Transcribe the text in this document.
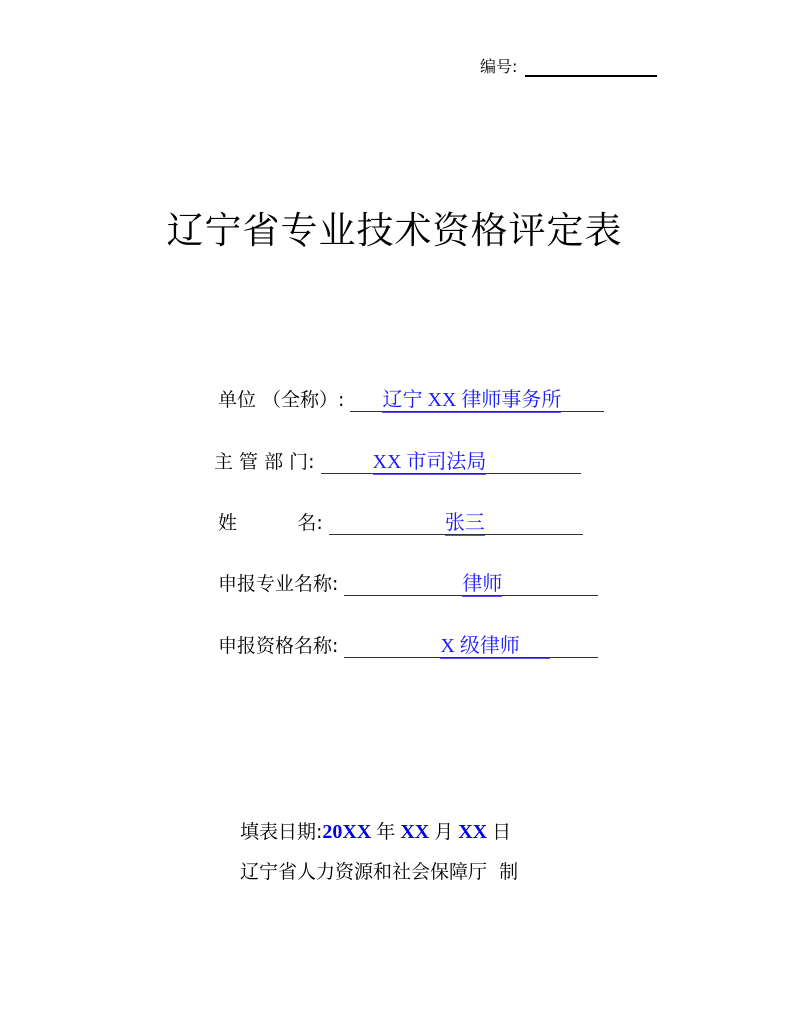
编号:
辽宁省专业技术资格评定表
单位 （全称）: 辽宁 XX 律师事务所
主 管 部 门:	XX 市司法局
姓          名:	张三
申报专业名称:	律师
申报资格名称:	X 级律师
填表日期: 20XX 年 XX 月 XX 日
辽宁省人力资源和社会保障厅  制
